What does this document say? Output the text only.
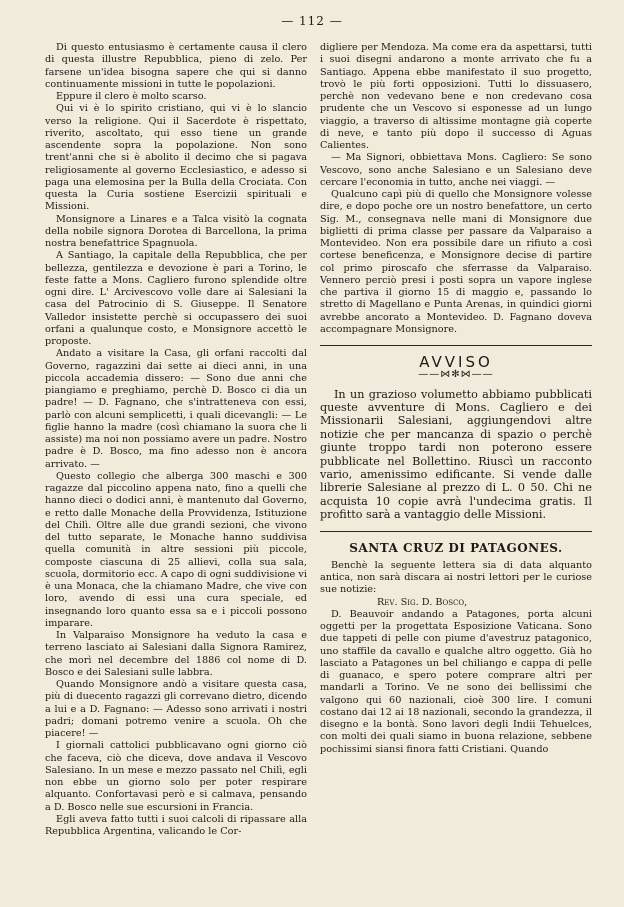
— 112 —

Di questo entusiasmo è certamente causa il clero di questa illustre Repubblica, pieno di zelo. Per farsene un'idea bisogna sapere che qui si danno continuamente missioni in tutte le popolazioni.

Eppure il clero è molto scarso.

Qui vi è lo spirito cristiano, qui vi è lo slancio verso la religione. Qui il Sacerdote è rispettato, riverito, ascoltato, qui esso tiene un grande ascendente sopra la popolazione. Non sono trent'anni che si è abolito il decimo che si pagava religiosamente al governo Ecclesiastico, e adesso si paga una elemosina per la Bulla della Crociata. Con questa la Curia sostiene Esercizii spirituali e Missioni.

Monsignore a Linares e a Talca visitò la cognata della nobile signora Dorotea di Barcellona, la prima nostra benefattrice Spagnuola.

A Santiago, la capitale della Repubblica, che per bellezza, gentilezza e devozione è pari a Torino, le feste fatte a Mons. Cagliero furono splendide oltre ogni dire. L' Arcivescovo volle dare ai Salesiani la casa del Patrocinio di S. Giuseppe. Il Senatore Valledor insistette perchè si occupassero dei suoi orfani a qualunque costo, e Monsignore accettò le proposte.

Andato a visitare la Casa, gli orfani raccolti dal Governo, ragazzini dai sette ai dieci anni, in una piccola accademia dissero: — Sono due anni che piangiamo e preghiamo, perchè D. Bosco ci dia un padre! — D. Fagnano, che s'intratteneva con essi, parlò con alcuni semplicetti, i quali dicevangli: — Le figlie hanno la madre (così chiamano la suora che li assiste) ma noi non possiamo avere un padre. Nostro padre è D. Bosco, ma fino adesso non è ancora arrivato. —

Questo collegio che alberga 300 maschi e 300 ragazze dal piccolino appena nato, fino a quelli che hanno dieci o dodici anni, è mantenuto dal Governo, e retto dalle Monache della Provvidenza, Istituzione del Chilì. Oltre alle due grandi sezioni, che vivono del tutto separate, le Monache hanno suddivisa quella comunità in altre sessioni più piccole, composte ciascuna di 25 allievi, colla sua sala, scuola, dormitorio ecc. A capo di ogni suddivisione vi è una Monaca, che la chiamano Madre, che vive con loro, avendo di essi una cura speciale, ed insegnando loro quanto essa sa e i piccoli possono imparare.

In Valparaiso Monsignore ha veduto la casa e terreno lasciato ai Salesiani dalla Signora Ramirez, che morì nel decembre del 1886 col nome di D. Bosco e dei Salesiani sulle labbra.

Quando Monsignore andò a visitare questa casa, più di duecento ragazzi gli correvano dietro, dicendo a lui e a D. Fagnano: — Adesso sono arrivati i nostri padri; domani potremo venire a scuola. Oh che piacere! —

I giornali cattolici pubblicavano ogni giorno ciò che faceva, ciò che diceva, dove andava il Vescovo Salesiano. In un mese e mezzo passato nel Chilì, egli non ebbe un giorno solo per poter respirare alquanto. Confortavasi però e si calmava, pensando a D. Bosco nelle sue escursioni in Francia.

Egli aveva fatto tutti i suoi calcoli di ripassare alla Repubblica Argentina, valicando le Cor-

digliere per Mendoza. Ma come era da aspettarsi, tutti i suoi disegni andarono a monte arrivato che fu a Santiago. Appena ebbe manifestato il suo progetto, trovò le più forti opposizioni. Tutti lo dissuasero, perchè non vedevano bene e non credevano cosa prudente che un Vescovo si esponesse ad un lungo viaggio, a traverso di altissime montagne già coperte di neve, e tanto più dopo il successo di Aguas Calientes.

— Ma Signori, obbiettava Mons. Cagliero: Se sono Vescovo, sono anche Salesiano e un Salesiano deve cercare l'economia in tutto, anche nei viaggi. —

Qualcuno capì più di quello che Monsignore volesse dire, e dopo poche ore un nostro benefattore, un certo Sig. M., consegnava nelle mani di Monsignore due biglietti di prima classe per passare da Valparaiso a Montevideo. Non era possibile dare un rifiuto a così cortese beneficenza, e Monsignore decise di partire col primo piroscafo che sferrasse da Valparaiso. Vennero perciò presi i posti sopra un vapore inglese che partiva il giorno 15 di maggio e, passando lo stretto di Magellano e Punta Arenas, in quindici giorni avrebbe ancorato a Montevideo. D. Fagnano doveva accompagnare Monsignore.

AVVISO
——⋈✻⋈——

In un grazioso volumetto abbiamo pubblicati queste avventure di Mons. Cagliero e dei Missionarii Salesiani, aggiungendovi altre notizie che per mancanza di spazio o perchè giunte troppo tardi non poterono essere pubblicate nel Bollettino. Riuscì un racconto vario, amenissimo edificante. Si vende dalle librerie Salesiane al prezzo di L. 0 50. Chi ne acquista 10 copie avrà l'undecima gratis. Il profitto sarà a vantaggio delle Missioni.

SANTA CRUZ DI PATAGONES.

Benchè la seguente lettera sia di data alquanto antica, non sarà discara ai nostri lettori per le curiose sue notizie:

Rev. Sig. D. Bosco,

D. Beauvoir andando a Patagones, porta alcuni oggetti per la progettata Esposizione Vaticana. Sono due tappeti di pelle con piume d'avestruz patagonico, uno staffile da cavallo e qualche altro oggetto. Già ho lasciato a Patagones un bel chiliango e cappa di pelle di guanaco, e spero potere comprare altri per mandarli a Torino. Ve ne sono dei bellissimi che valgono qui 60 nazionali, cioè 300 lire. I comuni costano dai 12 ai 18 nazionali, secondo la grandezza, il disegno e la bontà. Sono lavori degli Indii Tehuelces, con molti dei quali siamo in buona relazione, sebbene pochissimi siansi finora fatti Cristiani. Quando
